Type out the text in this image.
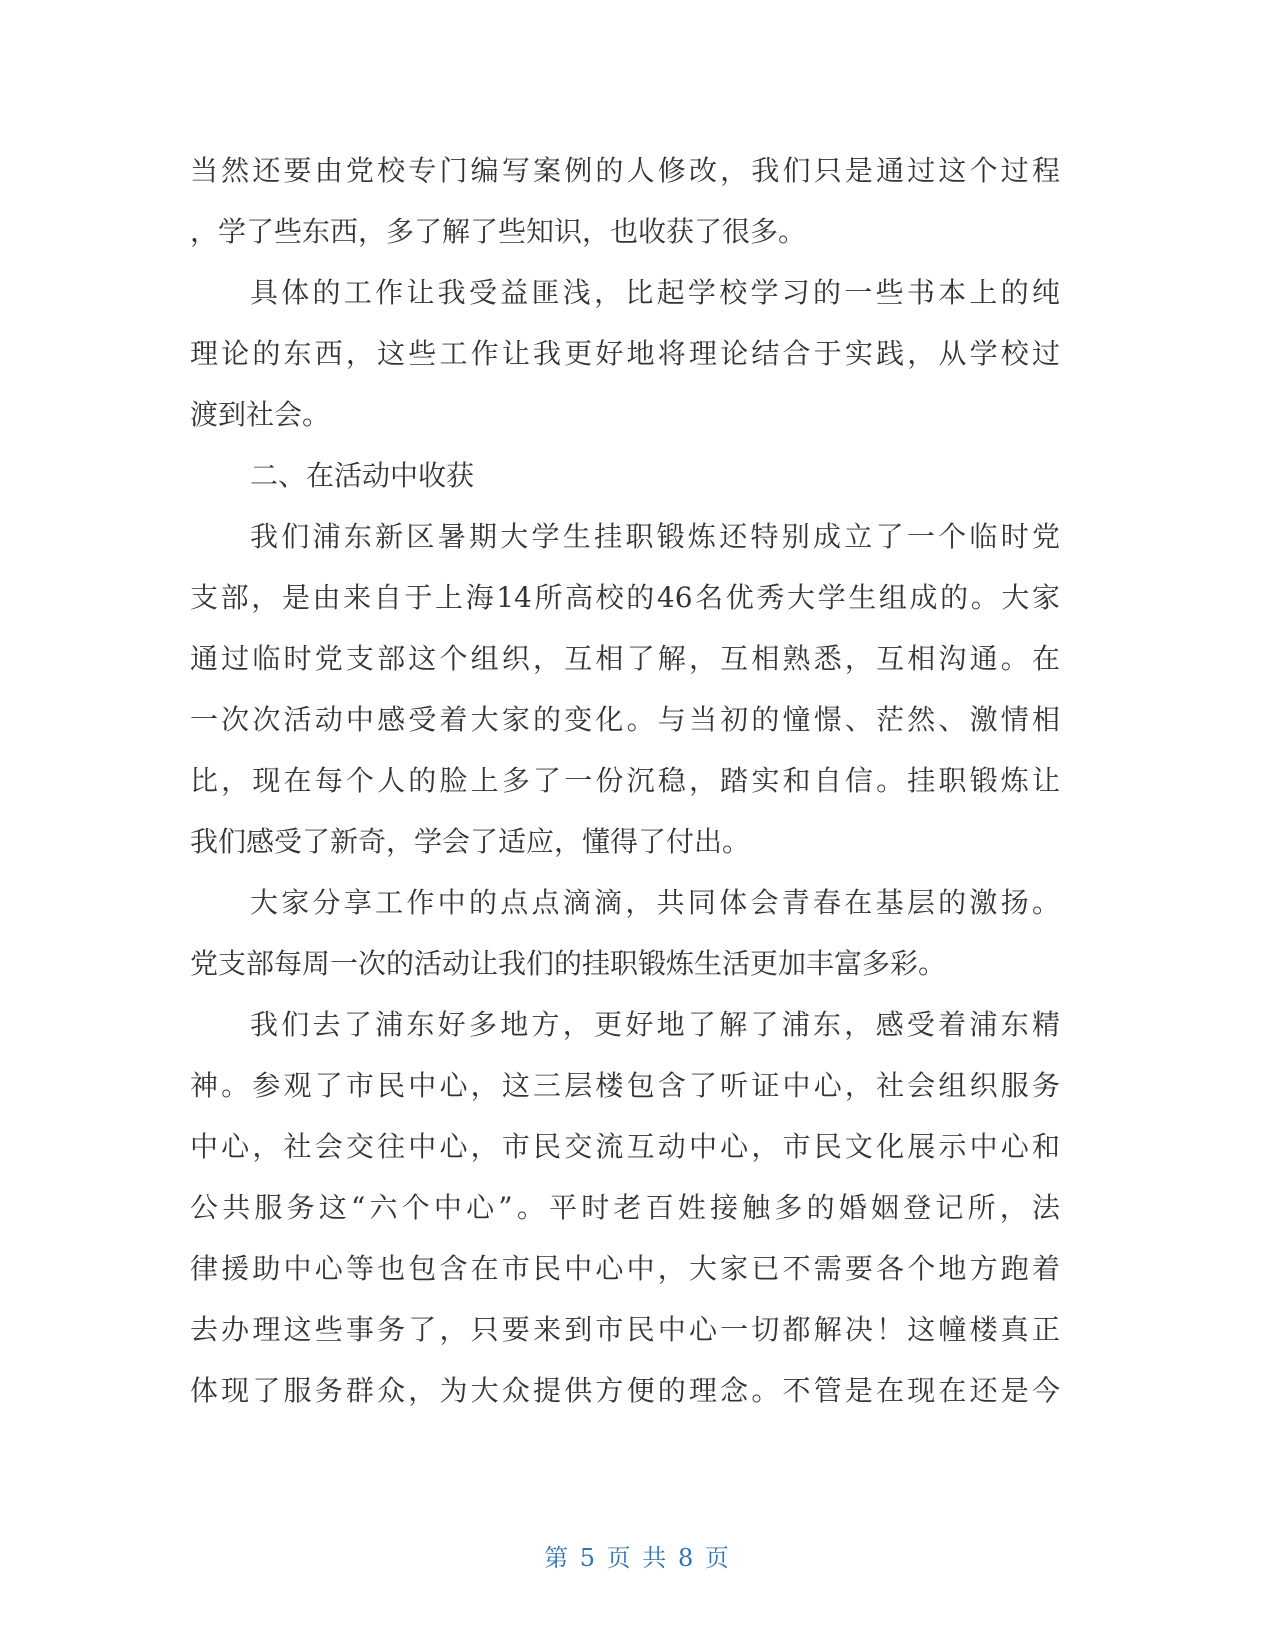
当然还要由党校专门编写案例的人修改，我们只是通过这个过程
，学了些东西，多了解了些知识，也收获了很多。
具体的工作让我受益匪浅，比起学校学习的一些书本上的纯
理论的东西，这些工作让我更好地将理论结合于实践，从学校过
渡到社会。
二、在活动中收获
我们浦东新区暑期大学生挂职锻炼还特别成立了一个临时党
支部，是由来自于上海14所高校的46名优秀大学生组成的。大家
通过临时党支部这个组织，互相了解，互相熟悉，互相沟通。在
一次次活动中感受着大家的变化。与当初的憧憬、茫然、激情相
比，现在每个人的脸上多了一份沉稳，踏实和自信。挂职锻炼让
我们感受了新奇，学会了适应，懂得了付出。
大家分享工作中的点点滴滴，共同体会青春在基层的激扬。
党支部每周一次的活动让我们的挂职锻炼生活更加丰富多彩。
我们去了浦东好多地方，更好地了解了浦东，感受着浦东精
神。参观了市民中心，这三层楼包含了听证中心，社会组织服务
中心，社会交往中心，市民交流互动中心，市民文化展示中心和
公共服务这“六个中心”。平时老百姓接触多的婚姻登记所，法
律援助中心等也包含在市民中心中，大家已不需要各个地方跑着
去办理这些事务了，只要来到市民中心一切都解决！这幢楼真正
体现了服务群众，为大众提供方便的理念。不管是在现在还是今
第 5 页 共 8 页
